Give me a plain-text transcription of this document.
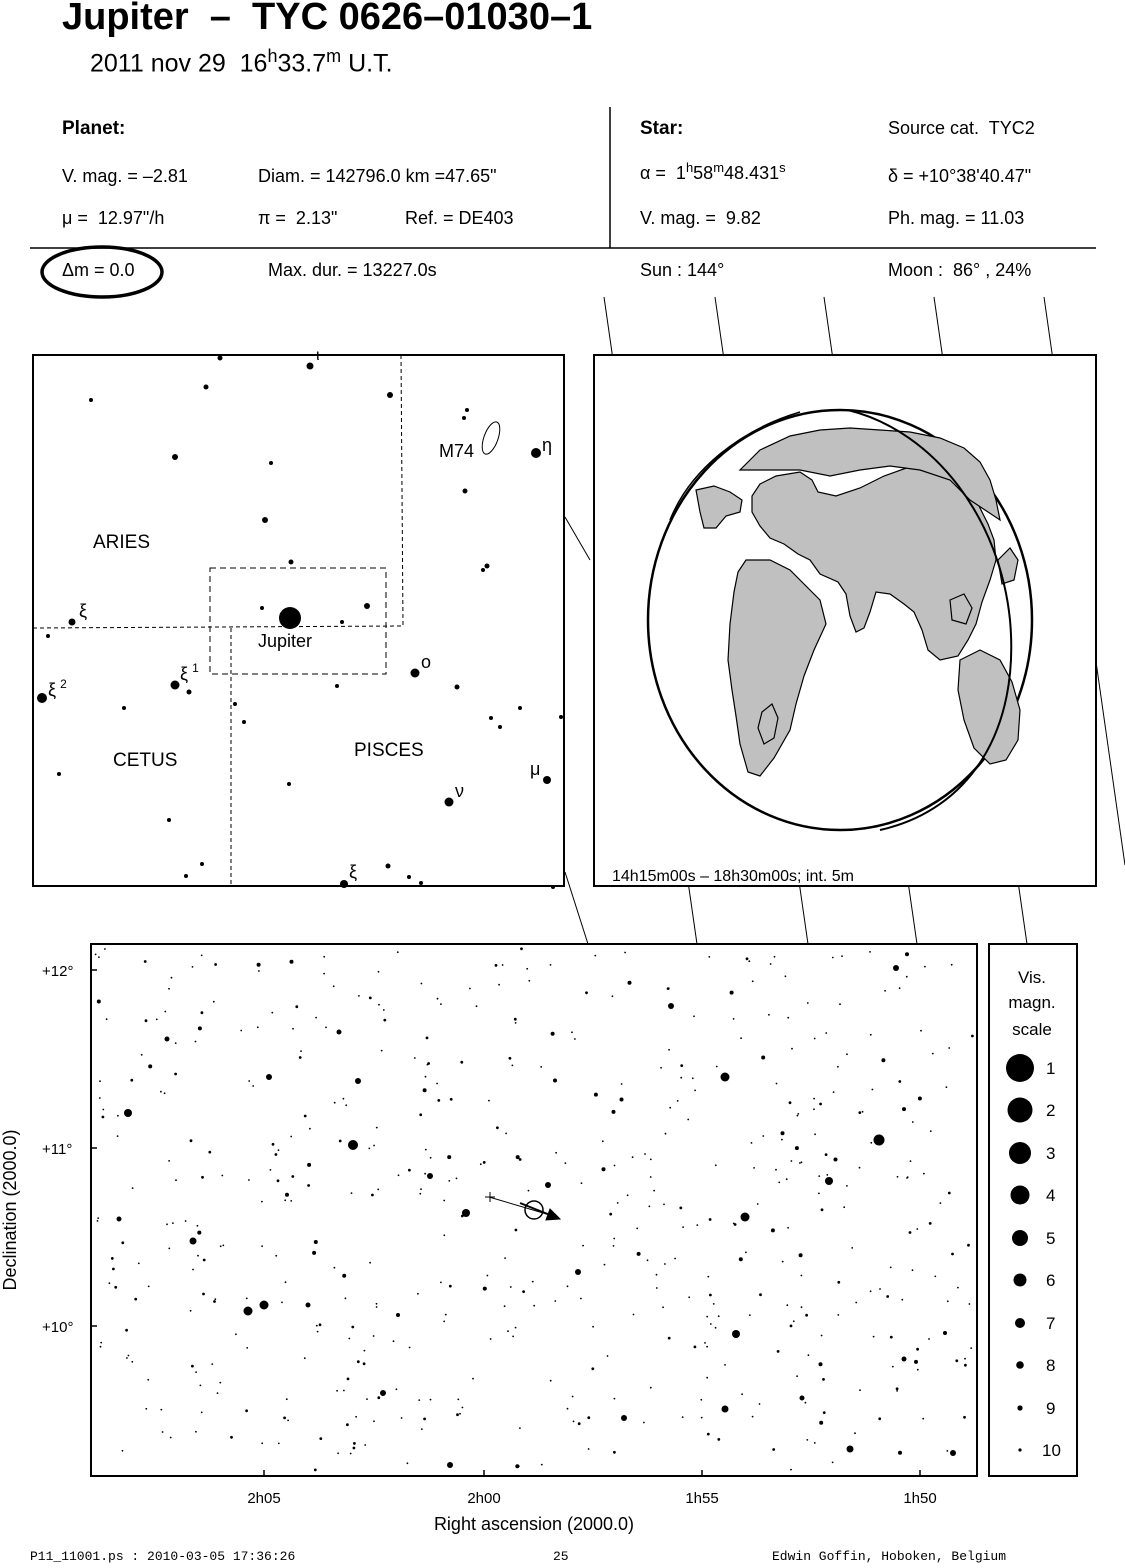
Jupiter  –  TYC 0626–01030–1
2011 nov 29  16$^h$33.7$^m$ U.T.
Planet:
V. mag. = –2.81	Diam. = 142796.0 km =47.65"
μ =  12.97"/h	π =  2.13"	Ref. = DE403
Star:	Source cat.  TYC2
α =  1$^h$58$^m$48.431$^s$	δ = +10°38'40.47"
V. mag. =  9.82	Ph. mag. = 11.03
Δm = 0.0	Max. dur. = 13227.0s	Sun : 144°	Moon :  86° , 24%
ARIES
CETUS	PISCES
Jupiter
M74
ι
η
ξ
ξ $^1$
ξ $^2$
o
μ
ν
ξ	14h15m00s – 18h30m00s; int. 5m
+12°
+11°
+10°
2h05	2h00	1h55	1h50
Right ascension (2000.0)
Declination (2000.0)
Vis.
magn.
scale
1
2
3
4
5
6
7
8
9
10
P11_11001.ps : 2010-03-05 17:36:26	25	Edwin Goffin, Hoboken, Belgium
